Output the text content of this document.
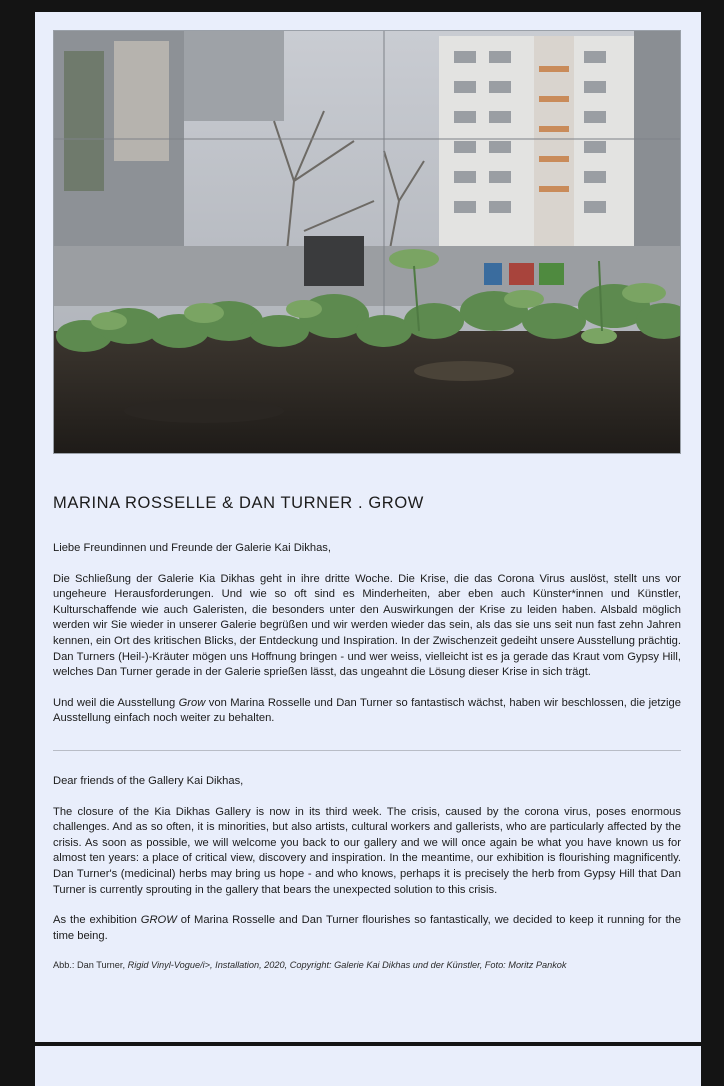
MARINA ROSSELLE & DAN TURNER . GROW

Liebe Freundinnen und Freunde der Galerie Kai Dikhas,

Die Schließung der Galerie Kia Dikhas geht in ihre dritte Woche. Die Krise, die das Corona Virus auslöst, stellt uns vor ungeheure Herausforderungen. Und wie so oft sind es Minderheiten, aber eben auch Künster*innen und Künstler, Kulturschaffende wie auch Galeristen, die besonders unter den Auswirkungen der Krise zu leiden haben. Alsbald möglich werden wir Sie wieder in unserer Galerie begrüßen und wir werden wieder das sein, als das sie uns seit nun fast zehn Jahren kennen, ein Ort des kritischen Blicks, der Entdeckung und Inspiration. In der Zwischenzeit gedeiht unsere Ausstellung prächtig. Dan Turners (Heil-)-Kräuter mögen uns Hoffnung bringen - und wer weiss, vielleicht ist es ja gerade das Kraut vom Gypsy Hill, welches Dan Turner gerade in der Galerie sprießen lässt, das ungeahnt die Lösung dieser Krise in sich trägt.

Und weil die Ausstellung Grow von Marina Rosselle und Dan Turner so fantastisch wächst, haben wir beschlossen, die jetzige Ausstellung einfach noch weiter zu behalten.

Dear friends of the Gallery Kai Dikhas,

The closure of the Kia Dikhas Gallery is now in its third week. The crisis, caused by the corona virus, poses enormous challenges. And as so often, it is minorities, but also artists, cultural workers and gallerists, who are particularly affected by the crisis. As soon as possible, we will welcome you back to our gallery and we will once again be what you have known us for almost ten years: a place of critical view, discovery and inspiration. In the meantime, our exhibition is flourishing magnificently. Dan Turner's (medicinal) herbs may bring us hope - and who knows, perhaps it is precisely the herb from Gypsy Hill that Dan Turner is currently sprouting in the gallery that bears the unexpected solution to this crisis.

As the exhibition GROW of Marina Rosselle and Dan Turner flourishes so fantastically, we decided to keep it running for the time being.

Abb.: Dan Turner, Rigid Vinyl-Vogue/i>, Installation, 2020, Copyright: Galerie Kai Dikhas und der Künstler, Foto: Moritz Pankok
